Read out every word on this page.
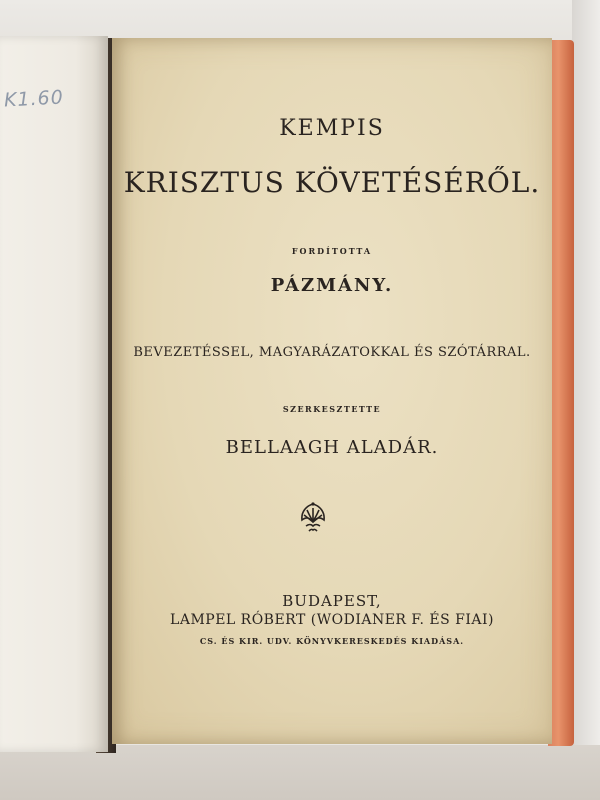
K1.60
KEMPIS
KRISZTUS KÖVETÉSÉRŐL.
FORDÍTOTTA
PÁZMÁNY.
BEVEZETÉSSEL, MAGYARÁZATOKKAL ÉS SZÓTÁRRAL.
SZERKESZTETTE
BELLAAGH ALADÁR.
BUDAPEST,
LAMPEL RÓBERT (WODIANER F. ÉS FIAI)
CS. ÉS KIR. UDV. KÖNYVKERESKEDÉS KIADÁSA.
